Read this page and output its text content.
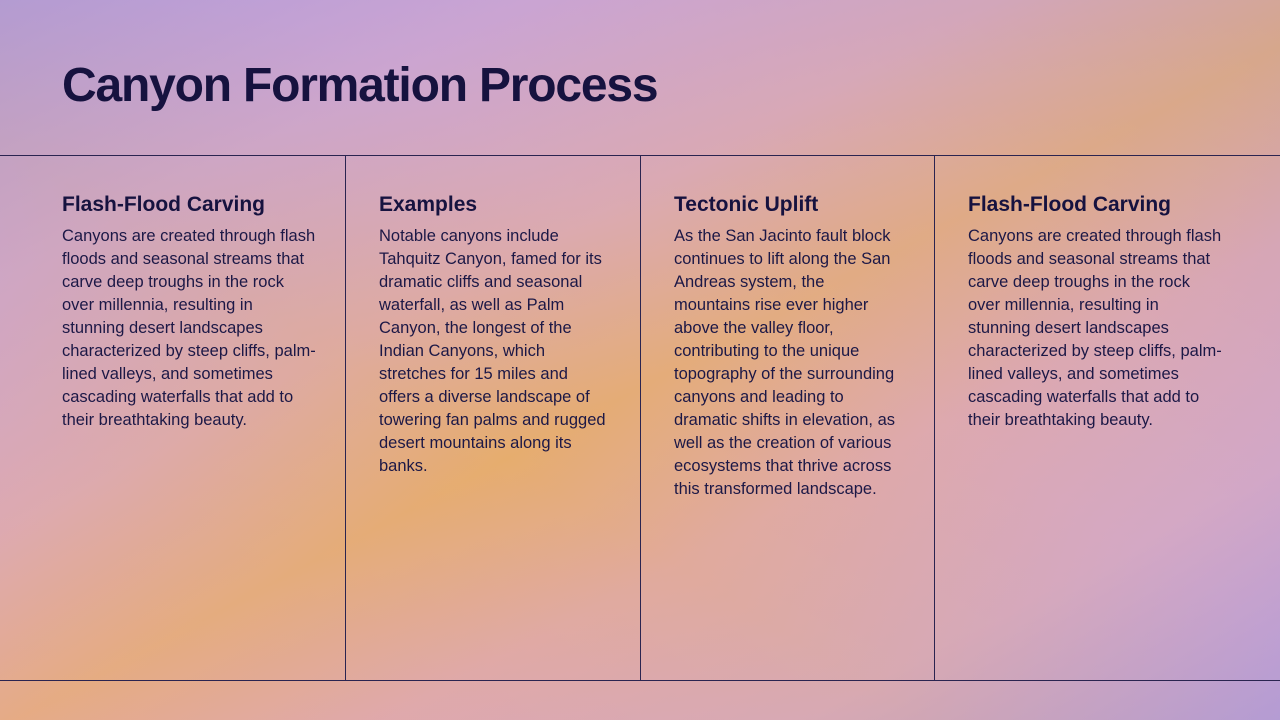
Canyon Formation Process
Flash-Flood Carving

Canyons are created through flash floods and seasonal streams that carve deep troughs in the rock over millennia, resulting in stunning desert landscapes characterized by steep cliffs, palm-lined valleys, and sometimes cascading waterfalls that add to their breathtaking beauty.

Examples

Notable canyons include Tahquitz Canyon, famed for its dramatic cliffs and seasonal waterfall, as well as Palm Canyon, the longest of the Indian Canyons, which stretches for 15 miles and offers a diverse landscape of towering fan palms and rugged desert mountains along its banks.

Tectonic Uplift

As the San Jacinto fault block continues to lift along the San Andreas system, the mountains rise ever higher above the valley floor, contributing to the unique topography of the surrounding canyons and leading to dramatic shifts in elevation, as well as the creation of various ecosystems that thrive across this transformed landscape.

Flash-Flood Carving

Canyons are created through flash floods and seasonal streams that carve deep troughs in the rock over millennia, resulting in stunning desert landscapes characterized by steep cliffs, palm-lined valleys, and sometimes cascading waterfalls that add to their breathtaking beauty.
